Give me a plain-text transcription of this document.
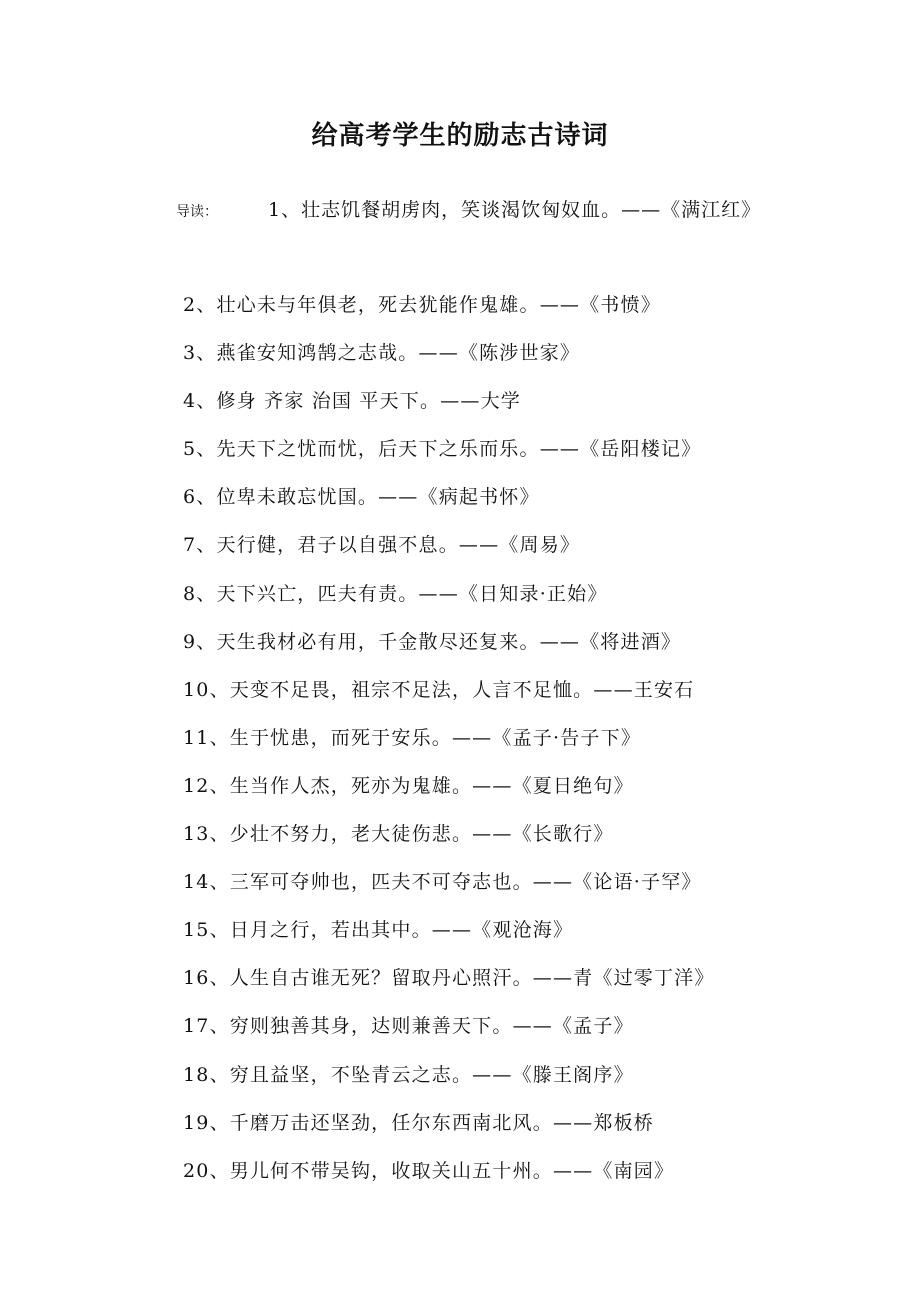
给高考学生的励志古诗词
导读：	1、壮志饥餐胡虏肉，笑谈渴饮匈奴血。——《满江红》
2、壮心未与年俱老，死去犹能作鬼雄。——《书愤》
3、燕雀安知鸿鹄之志哉。——《陈涉世家》
4、修身 齐家 治国 平天下。——大学
5、先天下之忧而忧，后天下之乐而乐。——《岳阳楼记》
6、位卑未敢忘忧国。——《病起书怀》
7、天行健，君子以自强不息。——《周易》
8、天下兴亡，匹夫有责。——《日知录·正始》
9、天生我材必有用，千金散尽还复来。——《将进酒》
10、天变不足畏，祖宗不足法，人言不足恤。——王安石
11、生于忧患，而死于安乐。——《孟子·告子下》
12、生当作人杰，死亦为鬼雄。——《夏日绝句》
13、少壮不努力，老大徒伤悲。——《长歌行》
14、三军可夺帅也，匹夫不可夺志也。——《论语·子罕》
15、日月之行，若出其中。——《观沧海》
16、人生自古谁无死？留取丹心照汗。——青《过零丁洋》
17、穷则独善其身，达则兼善天下。——《孟子》
18、穷且益坚，不坠青云之志。——《滕王阁序》
19、千磨万击还坚劲，任尔东西南北风。——郑板桥
20、男儿何不带吴钩，收取关山五十州。——《南园》
